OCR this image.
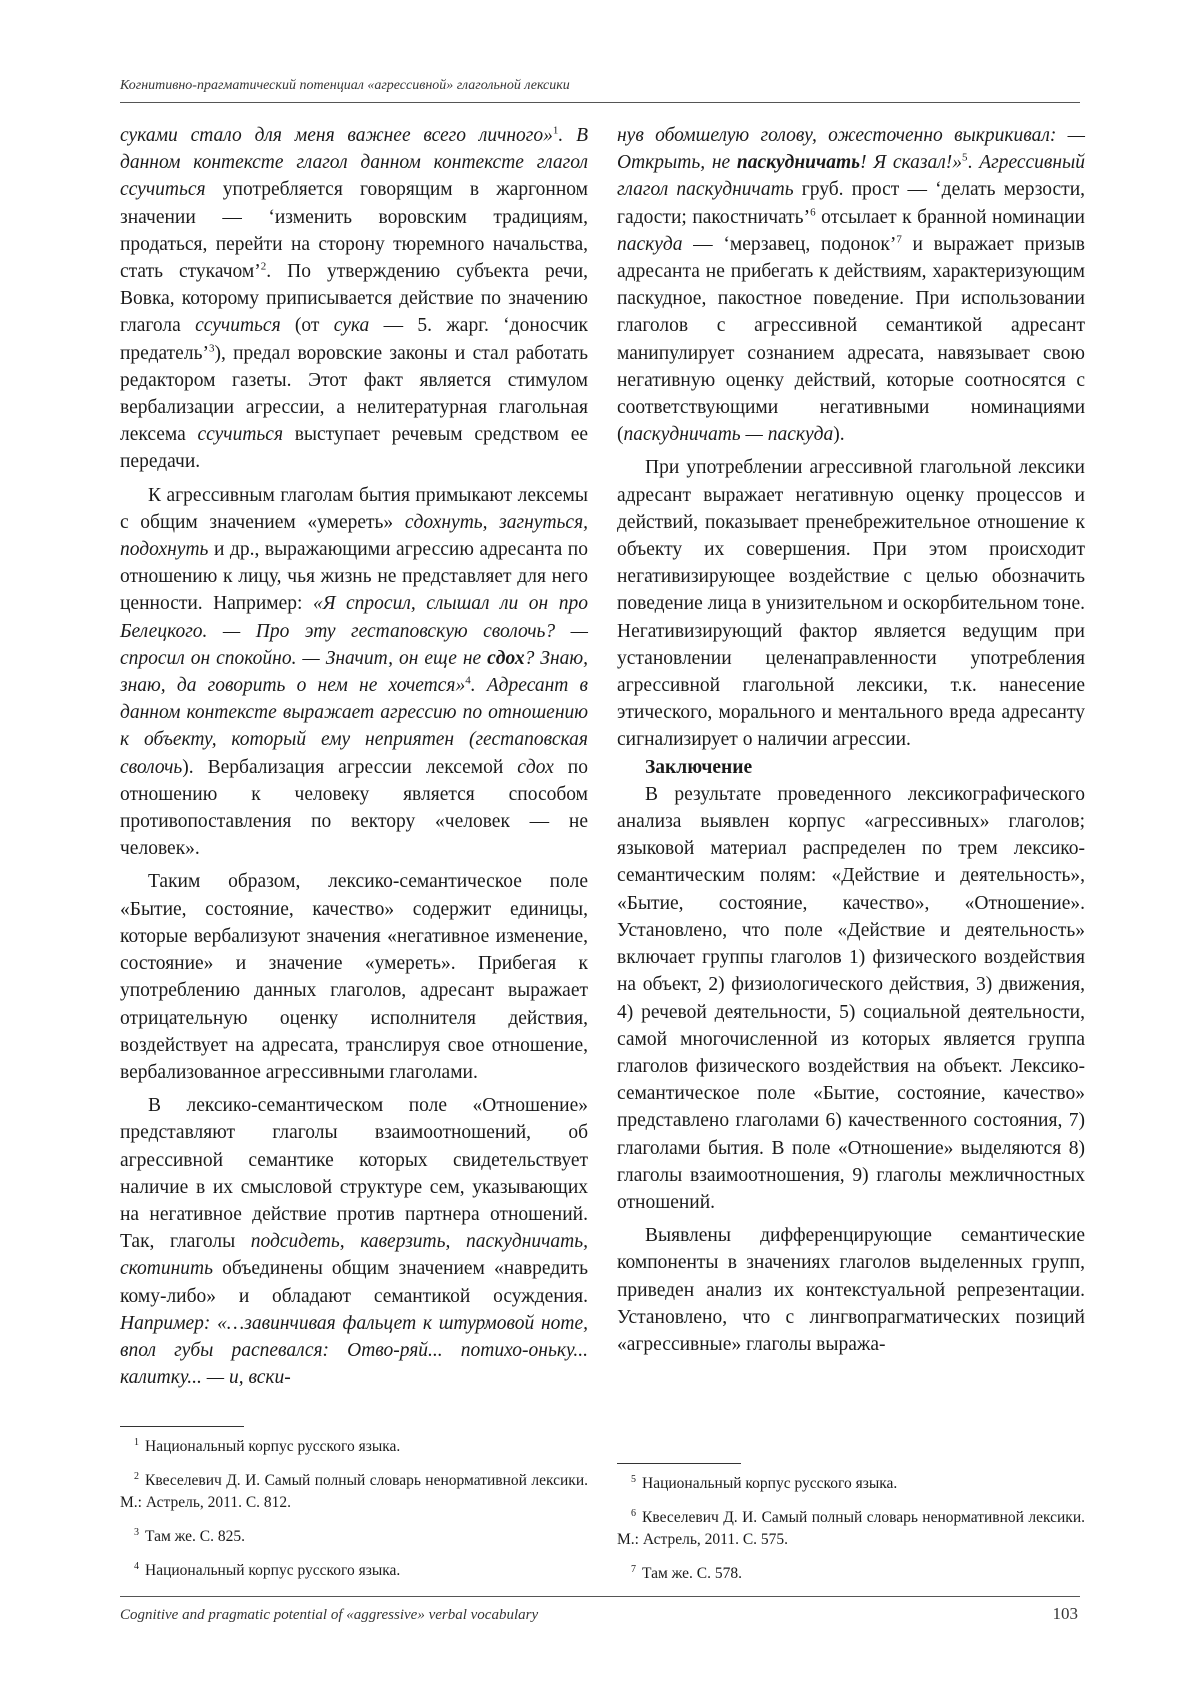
Когнитивно-прагматический потенциал «агрессивной» глагольной лексики

суками стало для меня важнее всего личного»$^1$. В данном контексте глагол данном контексте глагол ссучиться употребляется говорящим в жаргонном значении — ‘изменить воровским традициям, продаться, перейти на сторону тюремного начальства, стать стукачом’$^2$. По утверждению субъекта речи, Вовка, которому приписывается действие по значению глагола ссучиться (от сука — 5. жарг. ‘доносчик предатель’$^3$), предал воровские законы и стал работать редактором газеты. Этот факт является стимулом вербализации агрессии, а нелитературная глагольная лексема ссучиться выступает речевым средством ее передачи.

К агрессивным глаголам бытия примыкают лексемы с общим значением «умереть» сдохнуть, загнуться, подохнуть и др., выражающими агрессию адресанта по отношению к лицу, чья жизнь не представляет для него ценности. Например: «Я спросил, слышал ли он про Белецкого. — Про эту гестаповскую сволочь? — спросил он спокойно. — Значит, он еще не сдох? Знаю, знаю, да говорить о нем не хочется»$^4$. Адресант в данном контексте выражает агрессию по отношению к объекту, который ему неприятен (гестаповская сволочь). Вербализация агрессии лексемой сдох по отношению к человеку является способом противопоставления по вектору «человек — не человек».

Таким образом, лексико-семантическое поле «Бытие, состояние, качество» содержит единицы, которые вербализуют значения «негативное изменение, состояние» и значение «умереть». Прибегая к употреблению данных глаголов, адресант выражает отрицательную оценку исполнителя действия, воздействует на адресата, транслируя свое отношение, вербализованное агрессивными глаголами.

В лексико-семантическом поле «Отношение» представляют глаголы взаимоотношений, об агрессивной семантике которых свидетельствует наличие в их смысловой структуре сем, указывающих на негативное действие против партнера отношений. Так, глаголы подсидеть, каверзить, паскудничать, скотинить объединены общим значением «навредить кому-либо» и обладают семантикой осуждения. Например: «…завинчивая фальцет к штурмовой ноте, впол губы распевался: Отво-ряй... потихо-оньку... калитку... — и, вски-

нув обомшелую голову, ожесточенно выкрикивал: — Открыть, не паскудничать! Я сказал!»$^5$. Агрессивный глагол паскудничать груб. прост — ‘делать мерзости, гадости; пакостничать’$^6$ отсылает к бранной номинации паскуда — ‘мерзавец, подонок’$^7$ и выражает призыв адресанта не прибегать к действиям, характеризующим паскудное, пакостное поведение. При использовании глаголов с агрессивной семантикой адресант манипулирует сознанием адресата, навязывает свою негативную оценку действий, которые соотносятся с соответствующими негативными номинациями (паскудничать — паскуда).

При употреблении агрессивной глагольной лексики адресант выражает негативную оценку процессов и действий, показывает пренебрежительное отношение к объекту их совершения. При этом происходит негативизирующее воздействие с целью обозначить поведение лица в унизительном и оскорбительном тоне. Негативизирующий фактор является ведущим при установлении целенаправленности употребления агрессивной глагольной лексики, т.к. нанесение этического, морального и ментального вреда адресанту сигнализирует о наличии агрессии.

Заключение

В результате проведенного лексикографического анализа выявлен корпус «агрессивных» глаголов; языковой материал распределен по трем лексико-семантическим полям: «Действие и деятельность», «Бытие, состояние, качество», «Отношение». Установлено, что поле «Действие и деятельность» включает группы глаголов 1) физического воздействия на объект, 2) физиологического действия, 3) движения, 4) речевой деятельности, 5) социальной деятельности, самой многочисленной из которых является группа глаголов физического воздействия на объект. Лексико-семантическое поле «Бытие, состояние, качество» представлено глаголами 6) качественного состояния, 7) глаголами бытия. В поле «Отношение» выделяются 8) глаголы взаимоотношения, 9) глаголы межличностных отношений.

Выявлены дифференцирующие семантические компоненты в значениях глаголов выделенных групп, приведен анализ их контекстуальной репрезентации. Установлено, что с лингвопрагматических позиций «агрессивные» глаголы выража-

$^1$ Национальный корпус русского языка.

$^2$ Квеселевич Д. И. Самый полный словарь ненормативной лексики. М.: Астрель, 2011. С. 812.

$^3$ Там же. С. 825.

$^4$ Национальный корпус русского языка.

$^5$ Национальный корпус русского языка.

$^6$ Квеселевич Д. И. Самый полный словарь ненормативной лексики. М.: Астрель, 2011. С. 575.

$^7$ Там же. С. 578.

Cognitive and pragmatic potential of «aggressive» verbal vocabulary	103
